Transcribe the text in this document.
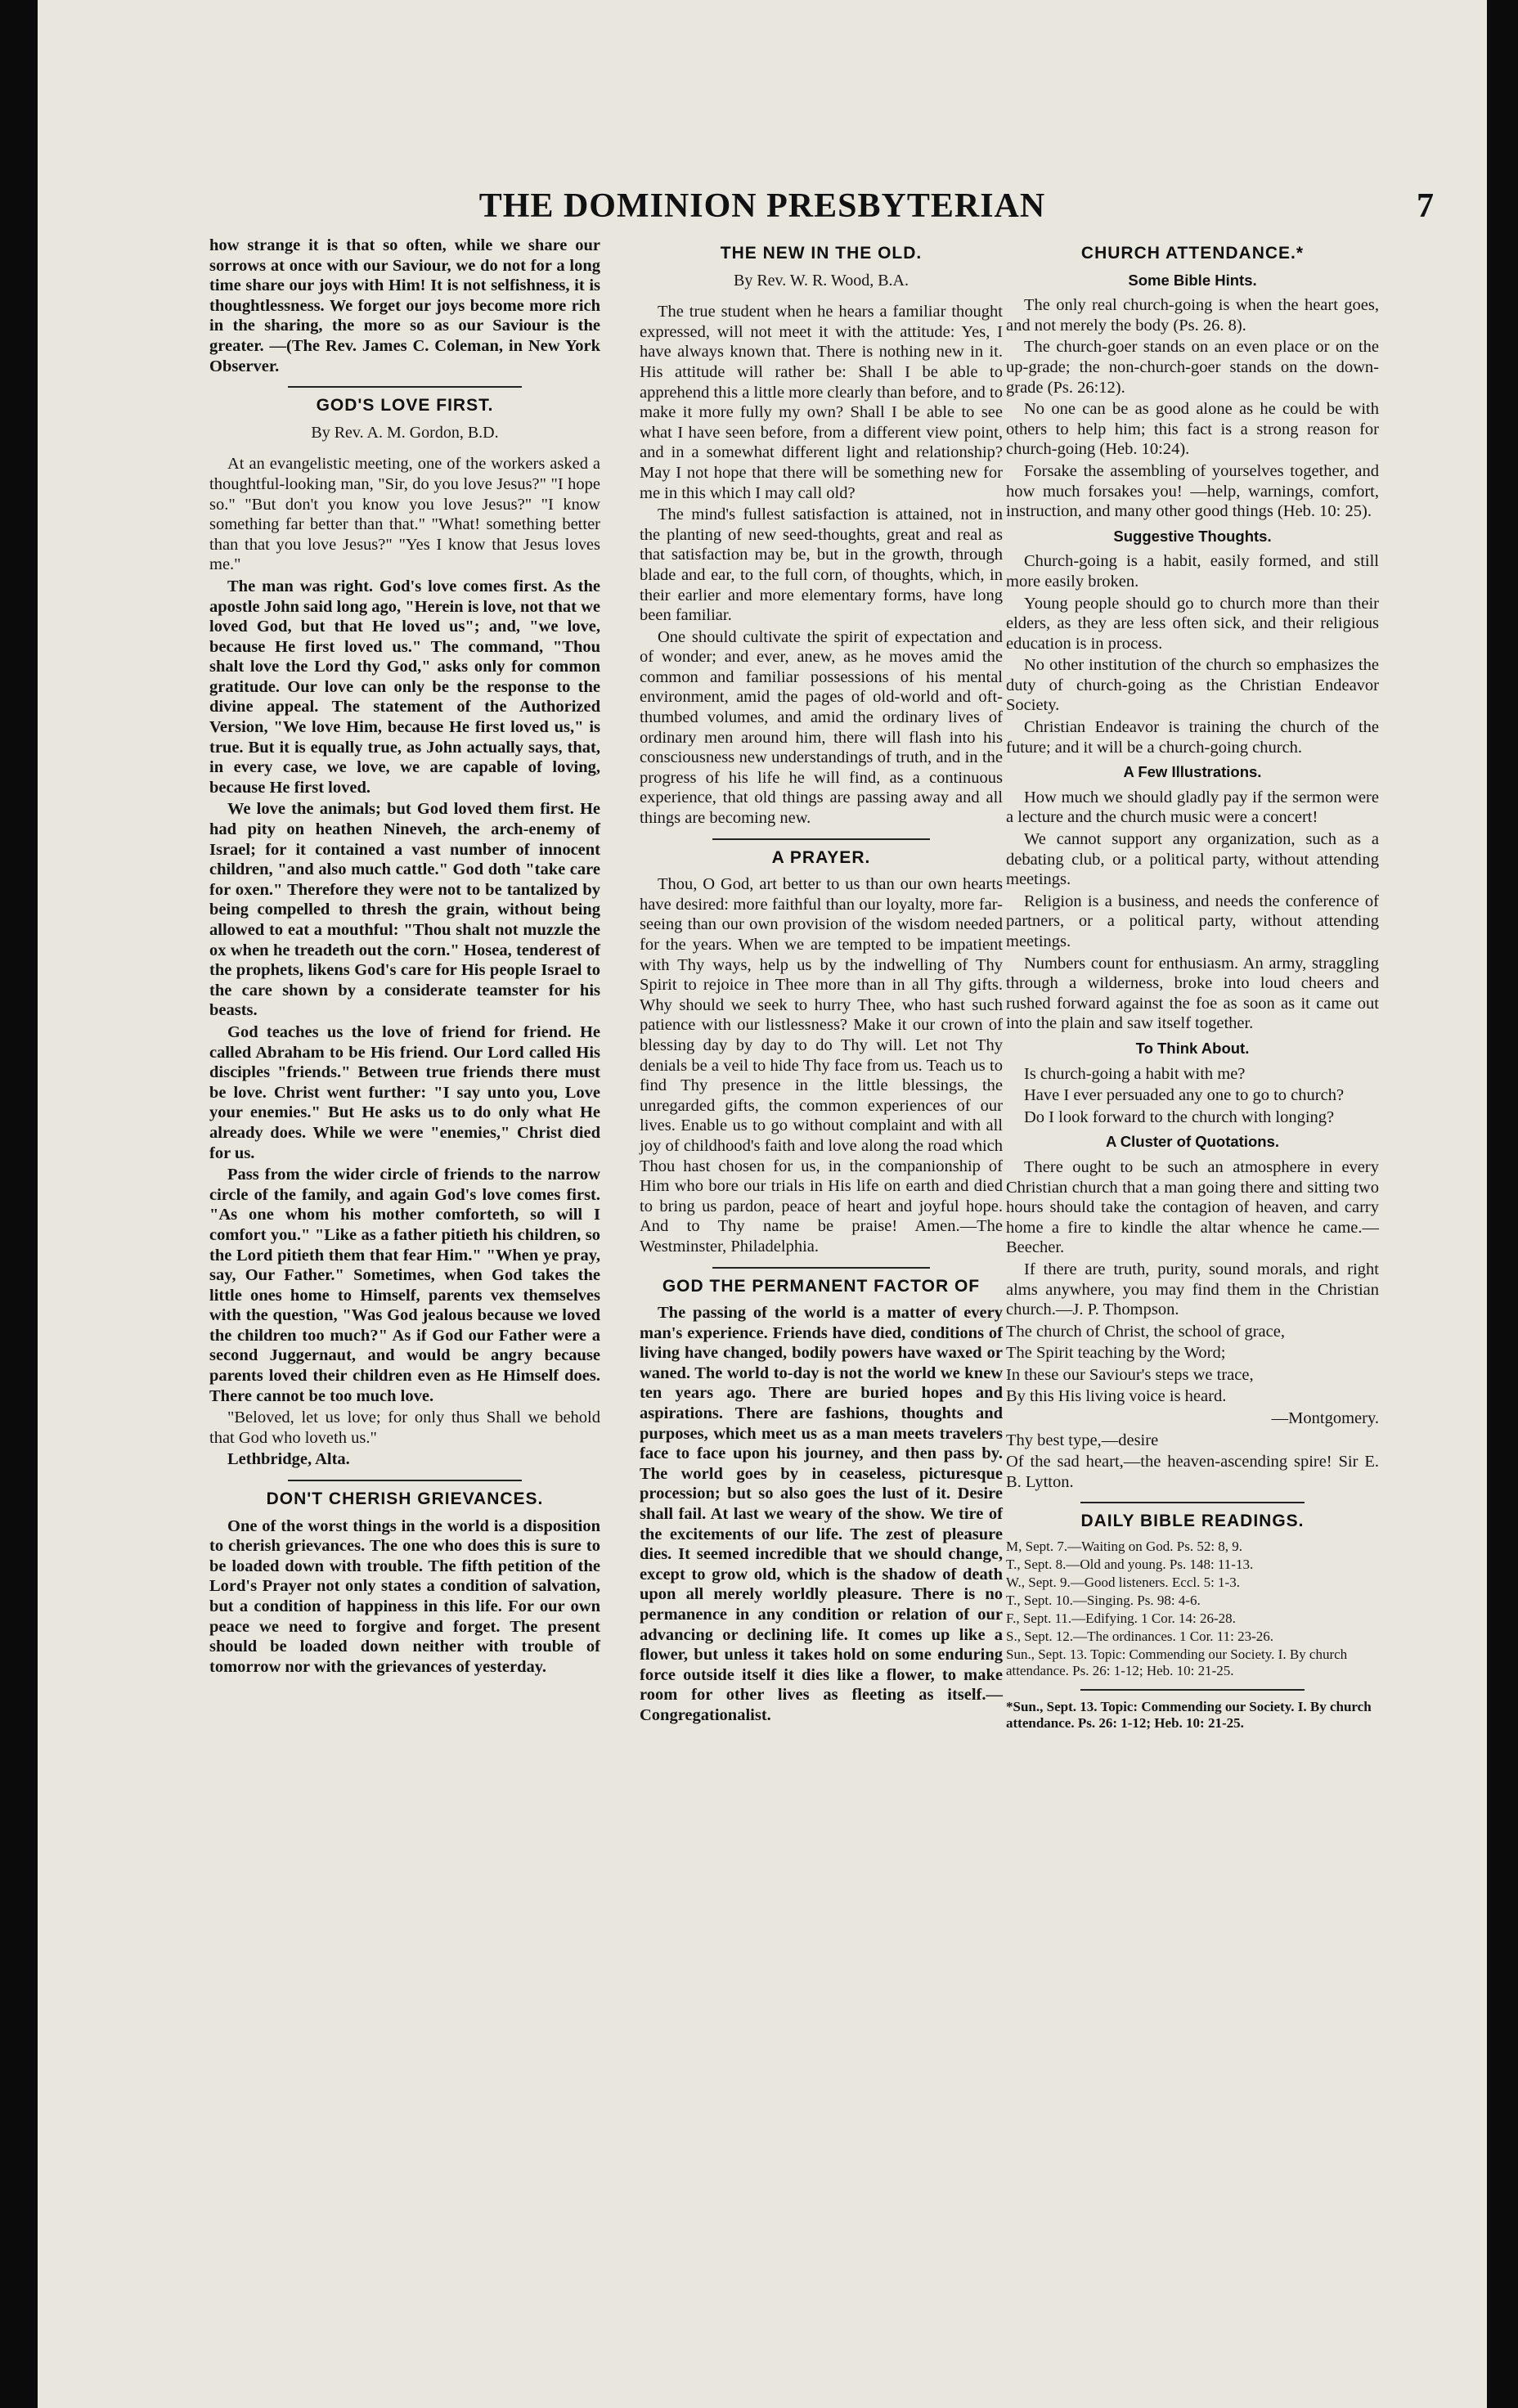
THE DOMINION PRESBYTERIAN	7

how strange it is that so often, while we share our sorrows at once with our Saviour, we do not for a long time share our joys with Him! It is not selfishness, it is thoughtlessness. We forget our joys become more rich in the sharing, the more so as our Saviour is the greater. —(The Rev. James C. Coleman, in New York Observer.

GOD'S LOVE FIRST.
By Rev. A. M. Gordon, B.D.

At an evangelistic meeting, one of the workers asked a thoughtful-looking man, "Sir, do you love Jesus?" "I hope so." "But don't you know you love Jesus?" "I know something far better than that." "What! something better than that you love Jesus?" "Yes I know that Jesus loves me."

The man was right. God's love comes first. As the apostle John said long ago, "Herein is love, not that we loved God, but that He loved us"; and, "we love, because He first loved us." The command, "Thou shalt love the Lord thy God," asks only for common gratitude. Our love can only be the response to the divine appeal. The statement of the Authorized Version, "We love Him, because He first loved us," is true. But it is equally true, as John actually says, that, in every case, we love, we are capable of loving, because He first loved.

We love the animals; but God loved them first. He had pity on heathen Nineveh, the arch-enemy of Israel; for it contained a vast number of innocent children, "and also much cattle." God doth "take care for oxen." Therefore they were not to be tantalized by being compelled to thresh the grain, without being allowed to eat a mouthful: "Thou shalt not muzzle the ox when he treadeth out the corn." Hosea, tenderest of the prophets, likens God's care for His people Israel to the care shown by a considerate teamster for his beasts.

God teaches us the love of friend for friend. He called Abraham to be His friend. Our Lord called His disciples "friends." Between true friends there must be love. Christ went further: "I say unto you, Love your enemies." But He asks us to do only what He already does. While we were "enemies," Christ died for us.

Pass from the wider circle of friends to the narrow circle of the family, and again God's love comes first. "As one whom his mother comforteth, so will I comfort you." "Like as a father pitieth his children, so the Lord pitieth them that fear Him." "When ye pray, say, Our Father." Sometimes, when God takes the little ones home to Himself, parents vex themselves with the question, "Was God jealous because we loved the children too much?" As if God our Father were a second Juggernaut, and would be angry because parents loved their children even as He Himself does. There cannot be too much love.

"Beloved, let us love; for only thus Shall we behold that God who loveth us."

Lethbridge, Alta.

DON'T CHERISH GRIEVANCES.

One of the worst things in the world is a disposition to cherish grievances. The one who does this is sure to be loaded down with trouble. The fifth petition of the Lord's Prayer not only states a condition of salvation, but a condition of happiness in this life. For our own peace we need to forgive and forget. The present should be loaded down neither with trouble of tomorrow nor with the grievances of yesterday.

THE NEW IN THE OLD.
By Rev. W. R. Wood, B.A.

The true student when he hears a familiar thought expressed, will not meet it with the attitude: Yes, I have always known that. There is nothing new in it. His attitude will rather be: Shall I be able to apprehend this a little more clearly than before, and to make it more fully my own? Shall I be able to see what I have seen before, from a different view point, and in a somewhat different light and relationship? May I not hope that there will be something new for me in this which I may call old?

The mind's fullest satisfaction is attained, not in the planting of new seed-thoughts, great and real as that satisfaction may be, but in the growth, through blade and ear, to the full corn, of thoughts, which, in their earlier and more elementary forms, have long been familiar.

One should cultivate the spirit of expectation and of wonder; and ever, anew, as he moves amid the common and familiar possessions of his mental environment, amid the pages of old-world and oft-thumbed volumes, and amid the ordinary lives of ordinary men around him, there will flash into his consciousness new understandings of truth, and in the progress of his life he will find, as a continuous experience, that old things are passing away and all things are becoming new.

A PRAYER.

Thou, O God, art better to us than our own hearts have desired: more faithful than our loyalty, more far-seeing than our own provision of the wisdom needed for the years. When we are tempted to be impatient with Thy ways, help us by the indwelling of Thy Spirit to rejoice in Thee more than in all Thy gifts. Why should we seek to hurry Thee, who hast such patience with our listlessness? Make it our crown of blessing day by day to do Thy will. Let not Thy denials be a veil to hide Thy face from us. Teach us to find Thy presence in the little blessings, the unregarded gifts, the common experiences of our lives. Enable us to go without complaint and with all joy of childhood's faith and love along the road which Thou hast chosen for us, in the companionship of Him who bore our trials in His life on earth and died to bring us pardon, peace of heart and joyful hope. And to Thy name be praise! Amen.—The Westminster, Philadelphia.

GOD THE PERMANENT FACTOR OF

The passing of the world is a matter of every man's experience. Friends have died, conditions of living have changed, bodily powers have waxed or waned. The world to-day is not the world we knew ten years ago. There are buried hopes and aspirations. There are fashions, thoughts and purposes, which meet us as a man meets travelers face to face upon his journey, and then pass by. The world goes by in ceaseless, picturesque procession; but so also goes the lust of it. Desire shall fail. At last we weary of the show. We tire of the excitements of our life. The zest of pleasure dies. It seemed incredible that we should change, except to grow old, which is the shadow of death upon all merely worldly pleasure. There is no permanence in any condition or relation of our advancing or declining life. It comes up like a flower, but unless it takes hold on some enduring force outside itself it dies like a flower, to make room for other lives as fleeting as itself.—Congregationalist.

CHURCH ATTENDANCE.*
Some Bible Hints.

The only real church-going is when the heart goes, and not merely the body (Ps. 26. 8).

The church-goer stands on an even place or on the up-grade; the non-church-goer stands on the down-grade (Ps. 26:12).

No one can be as good alone as he could be with others to help him; this fact is a strong reason for church-going (Heb. 10:24).

Forsake the assembling of yourselves together, and how much forsakes you! —help, warnings, comfort, instruction, and many other good things (Heb. 10: 25).

Suggestive Thoughts.

Church-going is a habit, easily formed, and still more easily broken.

Young people should go to church more than their elders, as they are less often sick, and their religious education is in process.

No other institution of the church so emphasizes the duty of church-going as the Christian Endeavor Society.

Christian Endeavor is training the church of the future; and it will be a church-going church.

A Few Illustrations.

How much we should gladly pay if the sermon were a lecture and the church music were a concert!

We cannot support any organization, such as a debating club, or a political party, without attending meetings.

Religion is a business, and needs the conference of partners, or a political party, without attending meetings.

Numbers count for enthusiasm. An army, straggling through a wilderness, broke into loud cheers and rushed forward against the foe as soon as it came out into the plain and saw itself together.

To Think About.

Is church-going a habit with me?

Have I ever persuaded any one to go to church?

Do I look forward to the church with longing?

A Cluster of Quotations.

There ought to be such an atmosphere in every Christian church that a man going there and sitting two hours should take the contagion of heaven, and carry home a fire to kindle the altar whence he came.—Beecher.

If there are truth, purity, sound morals, and right alms anywhere, you may find them in the Christian church.—J. P. Thompson.

The church of Christ, the school of grace,

The Spirit teaching by the Word;

In these our Saviour's steps we trace,

By this His living voice is heard.

—Montgomery.

Thy best type,—desire

Of the sad heart,—the heaven-ascending spire! Sir E. B. Lytton.

DAILY BIBLE READINGS.
M, Sept. 7.—Waiting on God. Ps. 52: 8, 9.
T., Sept. 8.—Old and young. Ps. 148: 11-13.
W., Sept. 9.—Good listeners. Eccl. 5: 1-3.
T., Sept. 10.—Singing. Ps. 98: 4-6.
F., Sept. 11.—Edifying. 1 Cor. 14: 26-28.
S., Sept. 12.—The ordinances. 1 Cor. 11: 23-26.
Sun., Sept. 13. Topic: Commending our Society. I. By church attendance. Ps. 26: 1-12; Heb. 10: 21-25.
*Sun., Sept. 13. Topic: Commending our Society. I. By church attendance. Ps. 26: 1-12; Heb. 10: 21-25.
